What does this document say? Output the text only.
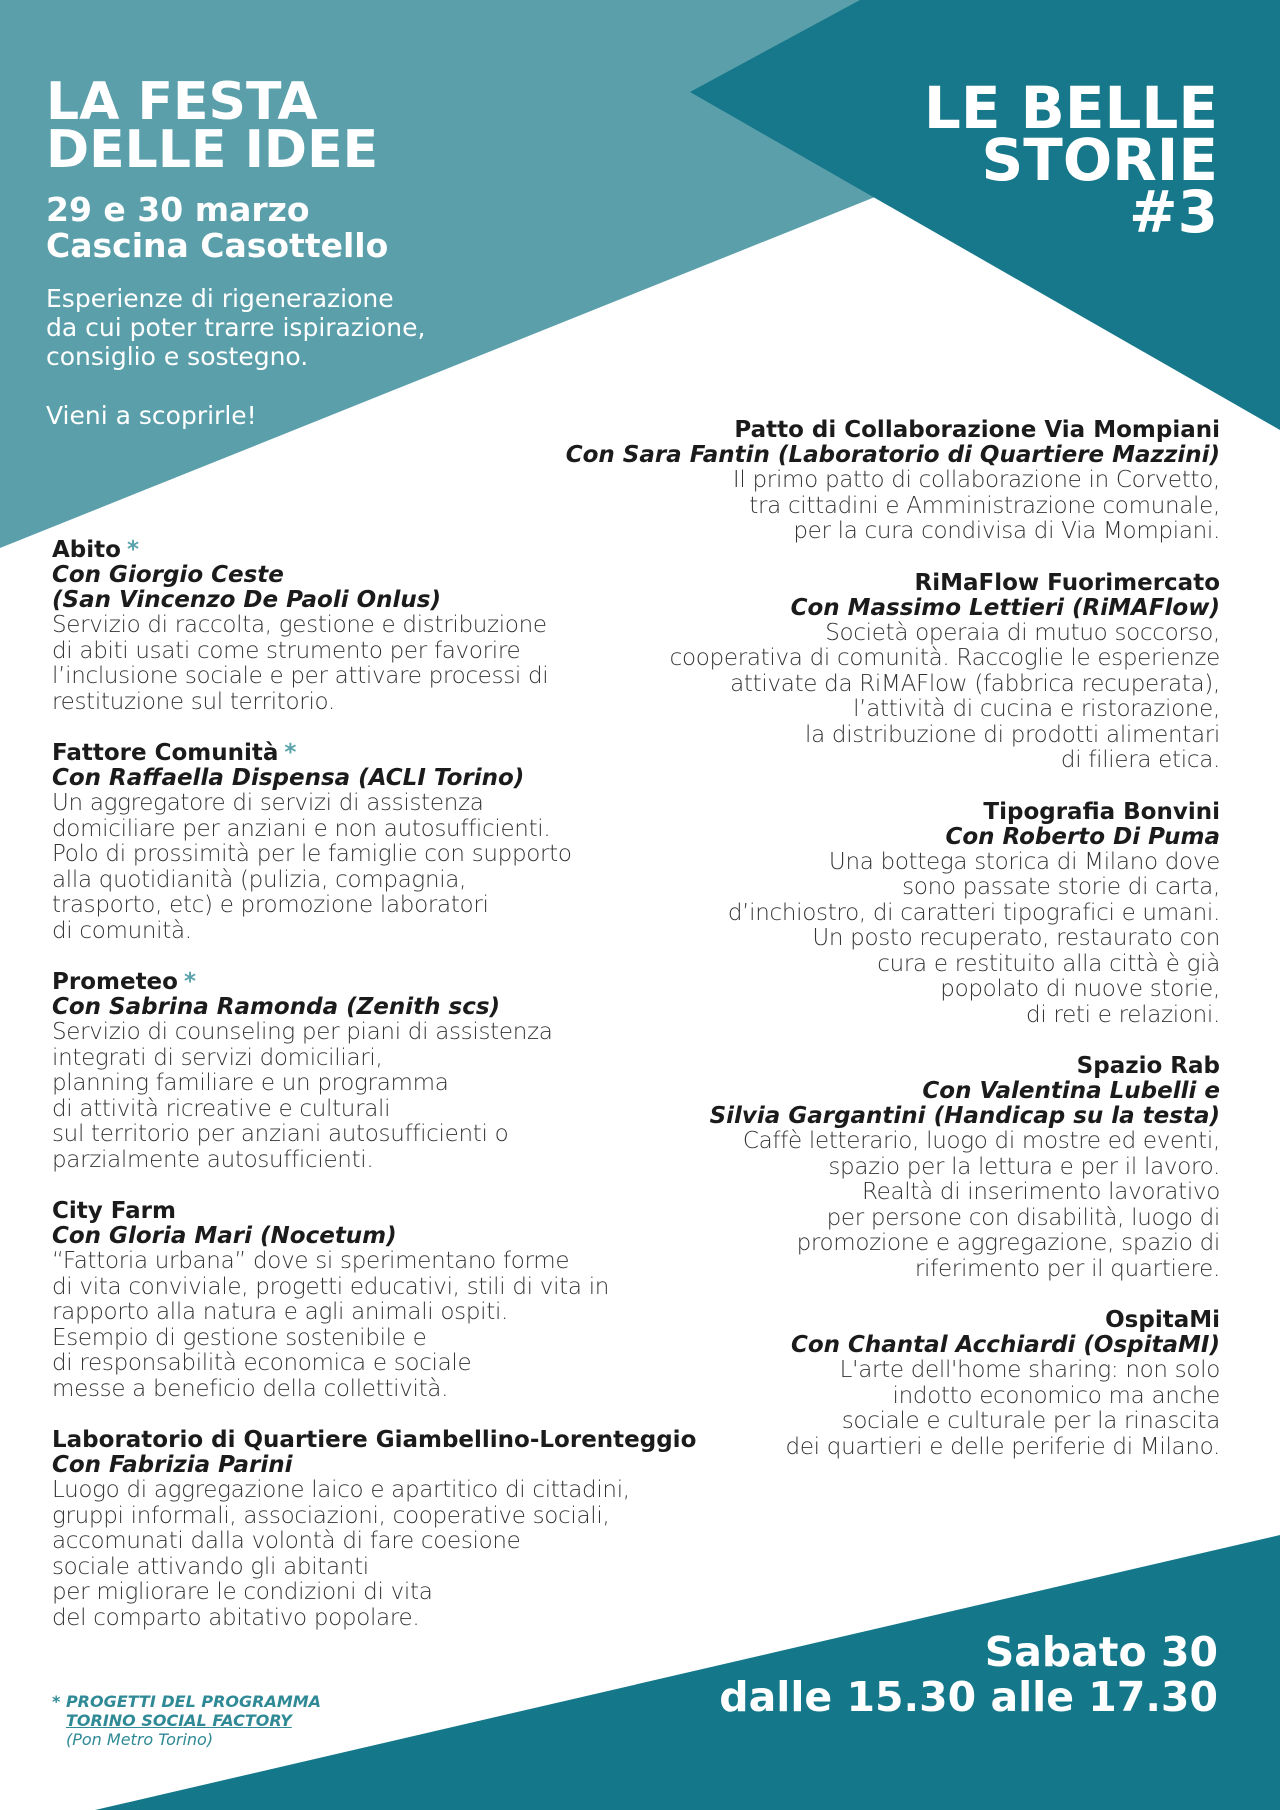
LA FESTA
DELLE IDEE
29 e 30 marzo
Cascina Casottello
Esperienze di rigenerazione
da cui poter trarre ispirazione,
consiglio e sostegno.
Vieni a scoprirle!
LE BELLE
STORIE
#3
Abito *
Con Giorgio Ceste
(San Vincenzo De Paoli Onlus)
Servizio di raccolta, gestione e distribuzione
di abiti usati come strumento per favorire
l’inclusione sociale e per attivare processi di
restituzione sul territorio.
Fattore Comunità *
Con Raffaella Dispensa (ACLI Torino)
Un aggregatore di servizi di assistenza
domiciliare per anziani e non autosufficienti.
Polo di prossimità per le famiglie con supporto
alla quotidianità (pulizia, compagnia,
trasporto, etc) e promozione laboratori
di comunità.
Prometeo *
Con Sabrina Ramonda (Zenith scs)
Servizio di counseling per piani di assistenza
integrati di servizi domiciliari,
planning familiare e un programma
di attività ricreative e culturali
sul territorio per anziani autosufficienti o
parzialmente autosufficienti.
City Farm
Con Gloria Mari (Nocetum)
“Fattoria urbana” dove si sperimentano forme
di vita conviviale, progetti educativi, stili di vita in
rapporto alla natura e agli animali ospiti.
Esempio di gestione sostenibile e
di responsabilità economica e sociale
messe a beneficio della collettività.
Laboratorio di Quartiere Giambellino-Lorenteggio
Con Fabrizia Parini
Luogo di aggregazione laico e apartitico di cittadini,
gruppi informali, associazioni, cooperative sociali,
accomunati dalla volontà di fare coesione
sociale attivando gli abitanti
per migliorare le condizioni di vita
del comparto abitativo popolare.
Patto di Collaborazione Via Mompiani
Con Sara Fantin (Laboratorio di Quartiere Mazzini)
Il primo patto di collaborazione in Corvetto,
tra cittadini e Amministrazione comunale,
per la cura condivisa di Via Mompiani.
RiMaFlow Fuorimercato
Con Massimo Lettieri (RiMAFlow)
Società operaia di mutuo soccorso,
cooperativa di comunità. Raccoglie le esperienze
attivate da RiMAFlow (fabbrica recuperata),
l’attività di cucina e ristorazione,
la distribuzione di prodotti alimentari
di filiera etica.
Tipografia Bonvini
Con Roberto Di Puma
Una bottega storica di Milano dove
sono passate storie di carta,
d’inchiostro, di caratteri tipografici e umani.
Un posto recuperato, restaurato con
cura e restituito alla città è già
popolato di nuove storie,
di reti e relazioni.
Spazio Rab
Con Valentina Lubelli e
Silvia Gargantini (Handicap su la testa)
Caffè letterario, luogo di mostre ed eventi,
spazio per la lettura e per il lavoro.
Realtà di inserimento lavorativo
per persone con disabilità, luogo di
promozione e aggregazione, spazio di
riferimento per il quartiere.
OspitaMi
Con Chantal Acchiardi (OspitaMI)
L'arte dell'home sharing: non solo
indotto economico ma anche
sociale e culturale per la rinascita
dei quartieri e delle periferie di Milano.
* PROGETTI DEL PROGRAMMA
TORINO SOCIAL FACTORY
(Pon Metro Torino)
Sabato 30
dalle 15.30 alle 17.30
